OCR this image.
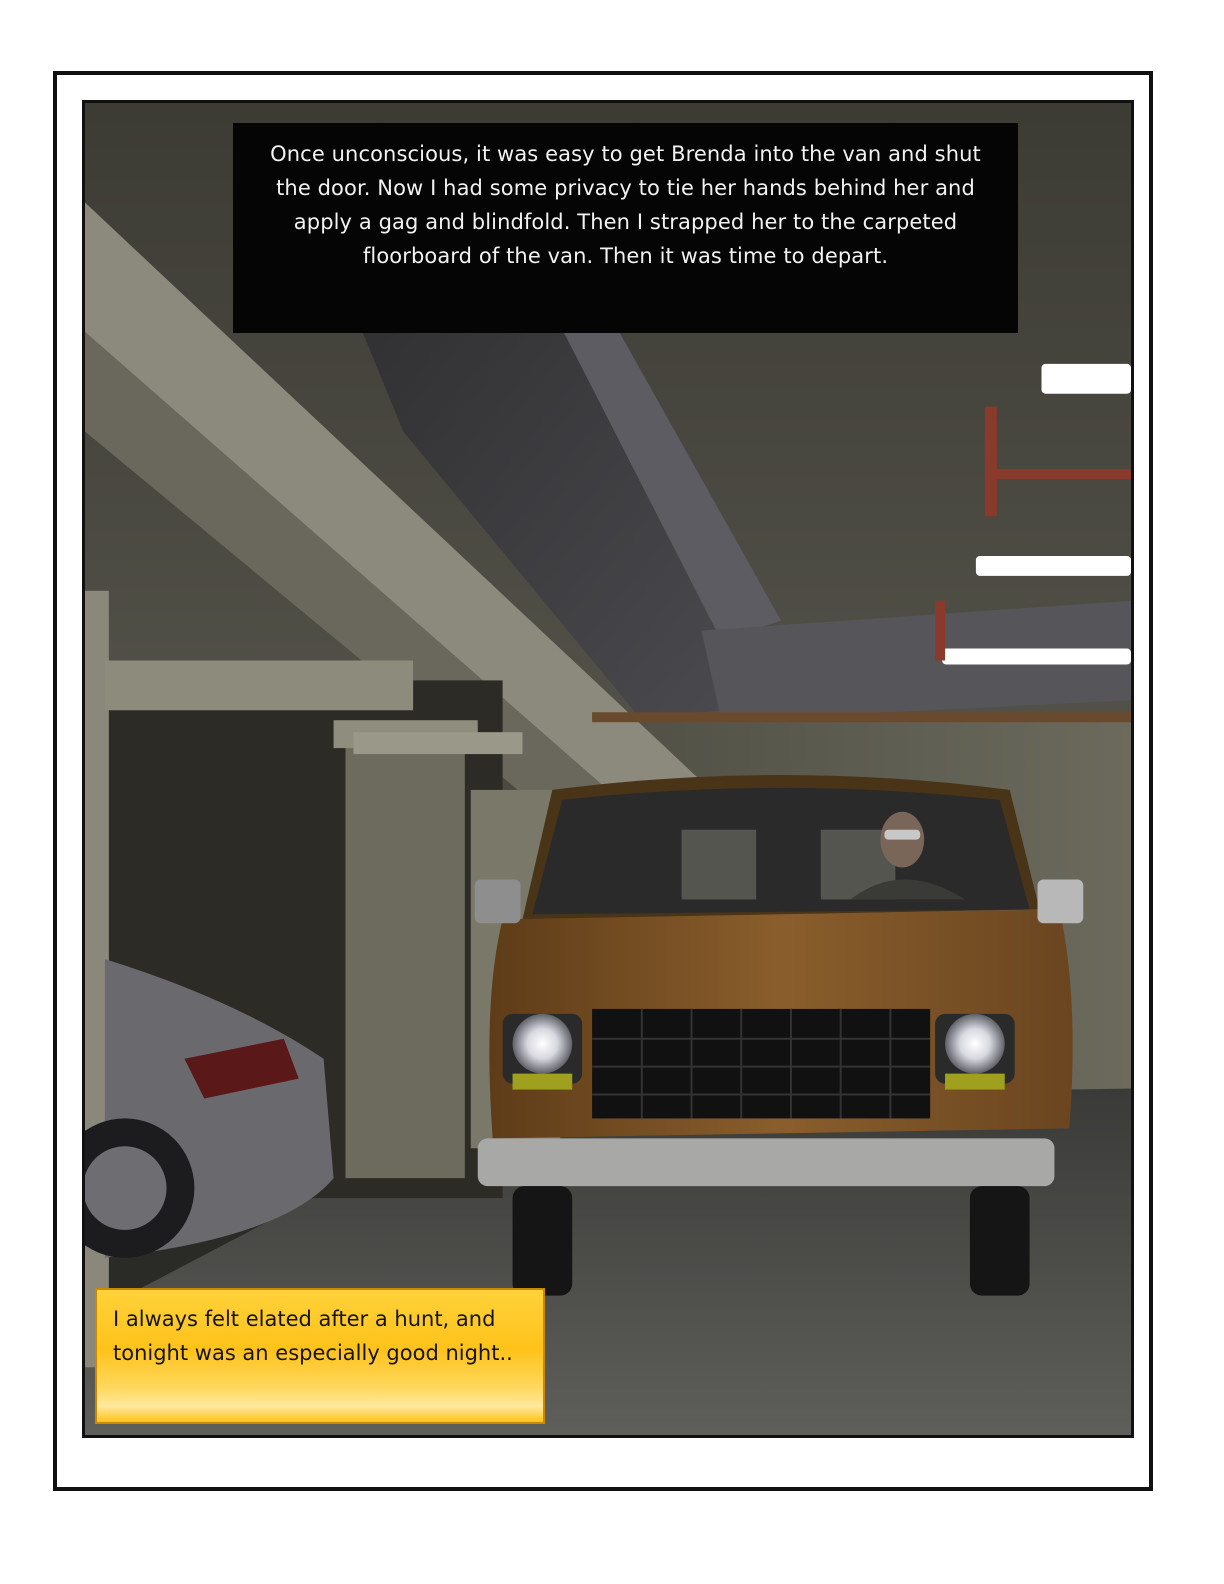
Once unconscious, it was easy to get Brenda into the van and shut
the door. Now I had some privacy to tie her hands behind her and
apply a gag and blindfold. Then I strapped her to the carpeted
floorboard of the van. Then it was time to depart.
I always felt elated after a hunt, and
tonight was an especially good night..
